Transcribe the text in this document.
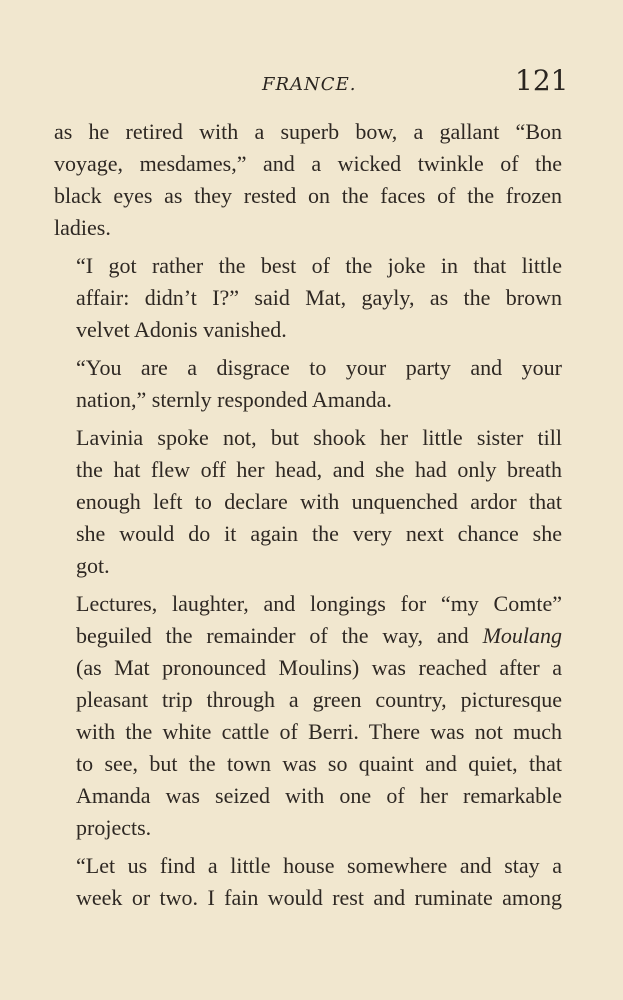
FRANCE.	121

as he retired with a superb bow, a gallant “Bon
voyage, mesdames,” and a wicked twinkle of the
black eyes as they rested on the faces of the frozen
ladies.

“I got rather the best of the joke in that little
affair: didn’t I?” said Mat, gayly, as the brown
velvet Adonis vanished.

“You are a disgrace to your party and your
nation,” sternly responded Amanda.

Lavinia spoke not, but shook her little sister till
the hat flew off her head, and she had only breath
enough left to declare with unquenched ardor that
she would do it again the very next chance she
got.

Lectures, laughter, and longings for “my Comte”
beguiled the remainder of the way, and Moulang
(as Mat pronounced Moulins) was reached after a
pleasant trip through a green country, picturesque
with the white cattle of Berri. There was not much
to see, but the town was so quaint and quiet, that
Amanda was seized with one of her remarkable
projects.

“Let us find a little house somewhere and stay a
week or two. I fain would rest and ruminate among
